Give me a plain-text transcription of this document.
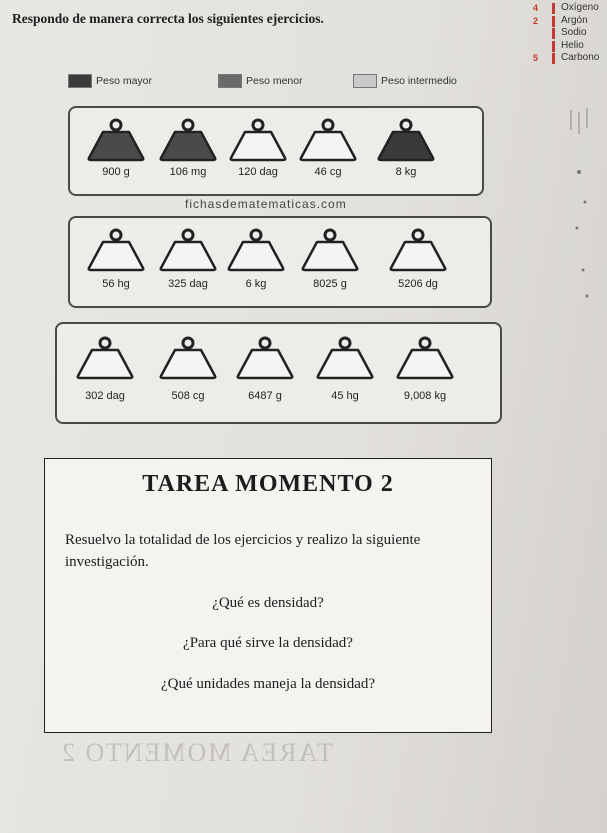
TAREA MOMENTO 2
Respondo de manera correcta los siguientes ejercicios.
4 Oxígeno
2 Argón
Sodio
Helio
5 Carbono
Peso mayor	Peso menor	Peso intermedio
900 g	106 mg	120 dag	46 cg	8 kg
fichasdematematicas.com
56 hg	325 dag	6 kg	8025 g	5206 dg
302 dag	508 cg	6487 g	45 hg	9,008 kg
TAREA MOMENTO 2
Resuelvo la totalidad de los ejercicios y realizo la siguiente investigación.
¿Qué es densidad?
¿Para qué sirve la densidad?
¿Qué unidades maneja la densidad?
